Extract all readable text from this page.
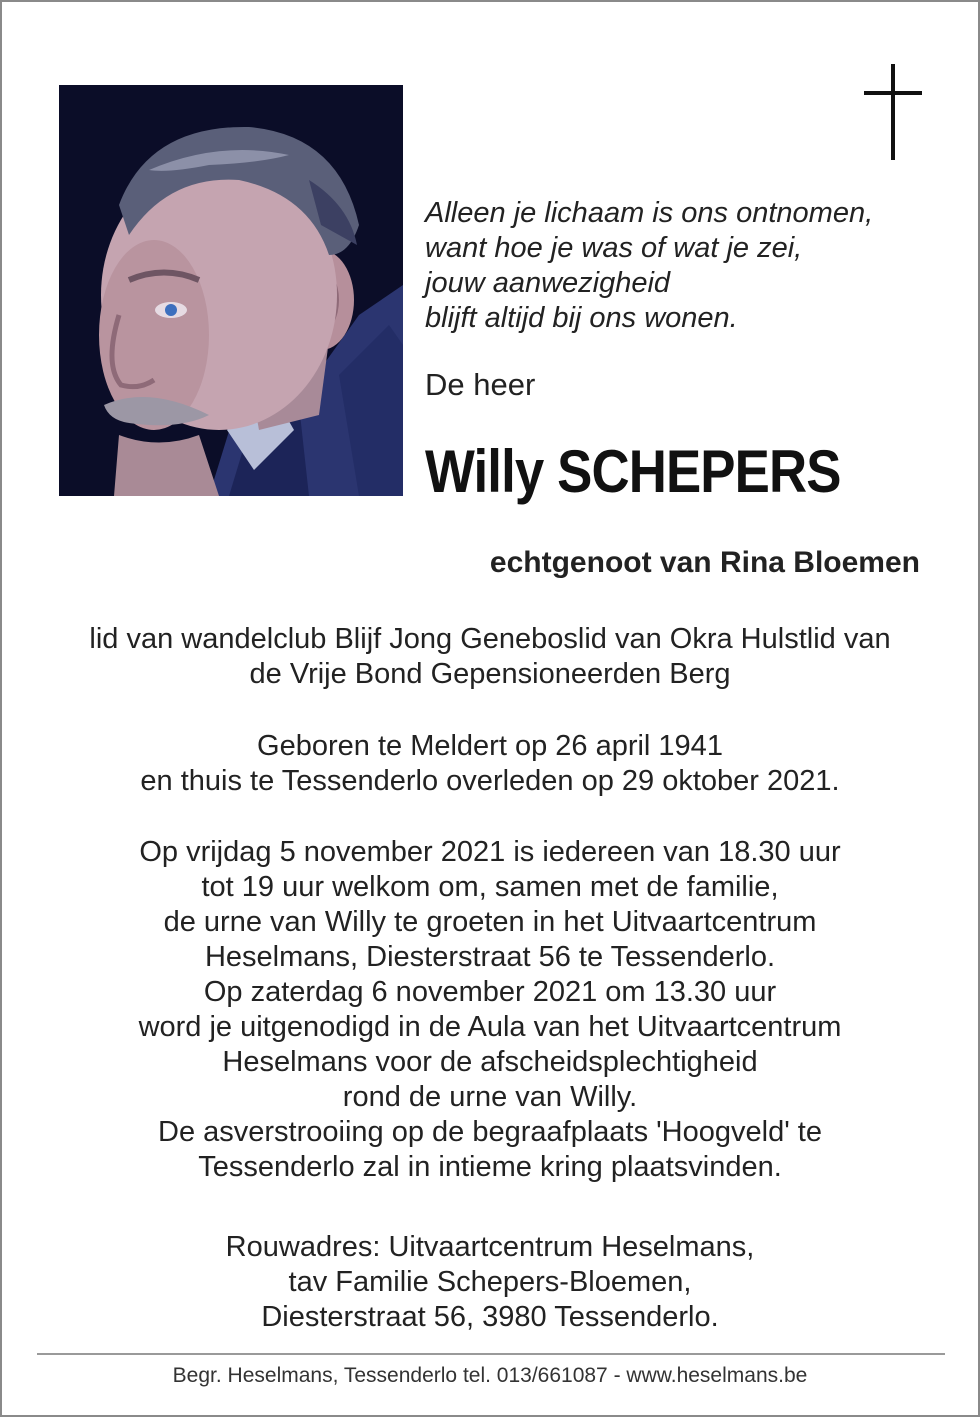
Alleen je lichaam is ons ontnomen,
want hoe je was of wat je zei,
jouw aanwezigheid
blijft altijd bij ons wonen.
De heer
Willy SCHEPERS
echtgenoot van Rina Bloemen
lid van wandelclub Blijf Jong Geneboslid van Okra Hulstlid van
de Vrije Bond Gepensioneerden Berg
Geboren te Meldert op 26 april 1941
en thuis te Tessenderlo overleden op 29 oktober 2021.
Op vrijdag 5 november 2021 is iedereen van 18.30 uur
tot 19 uur welkom om, samen met de familie,
de urne van Willy te groeten in het Uitvaartcentrum
Heselmans, Diesterstraat 56 te Tessenderlo.
Op zaterdag 6 november 2021 om 13.30 uur
word je uitgenodigd in de Aula van het Uitvaartcentrum
Heselmans voor de afscheidsplechtigheid
rond de urne van Willy.
De asverstrooiing op de begraafplaats 'Hoogveld' te
Tessenderlo zal in intieme kring plaatsvinden.
Rouwadres: Uitvaartcentrum Heselmans,
tav Familie Schepers-Bloemen,
Diesterstraat 56, 3980 Tessenderlo.
Begr. Heselmans, Tessenderlo tel. 013/661087 - www.heselmans.be
